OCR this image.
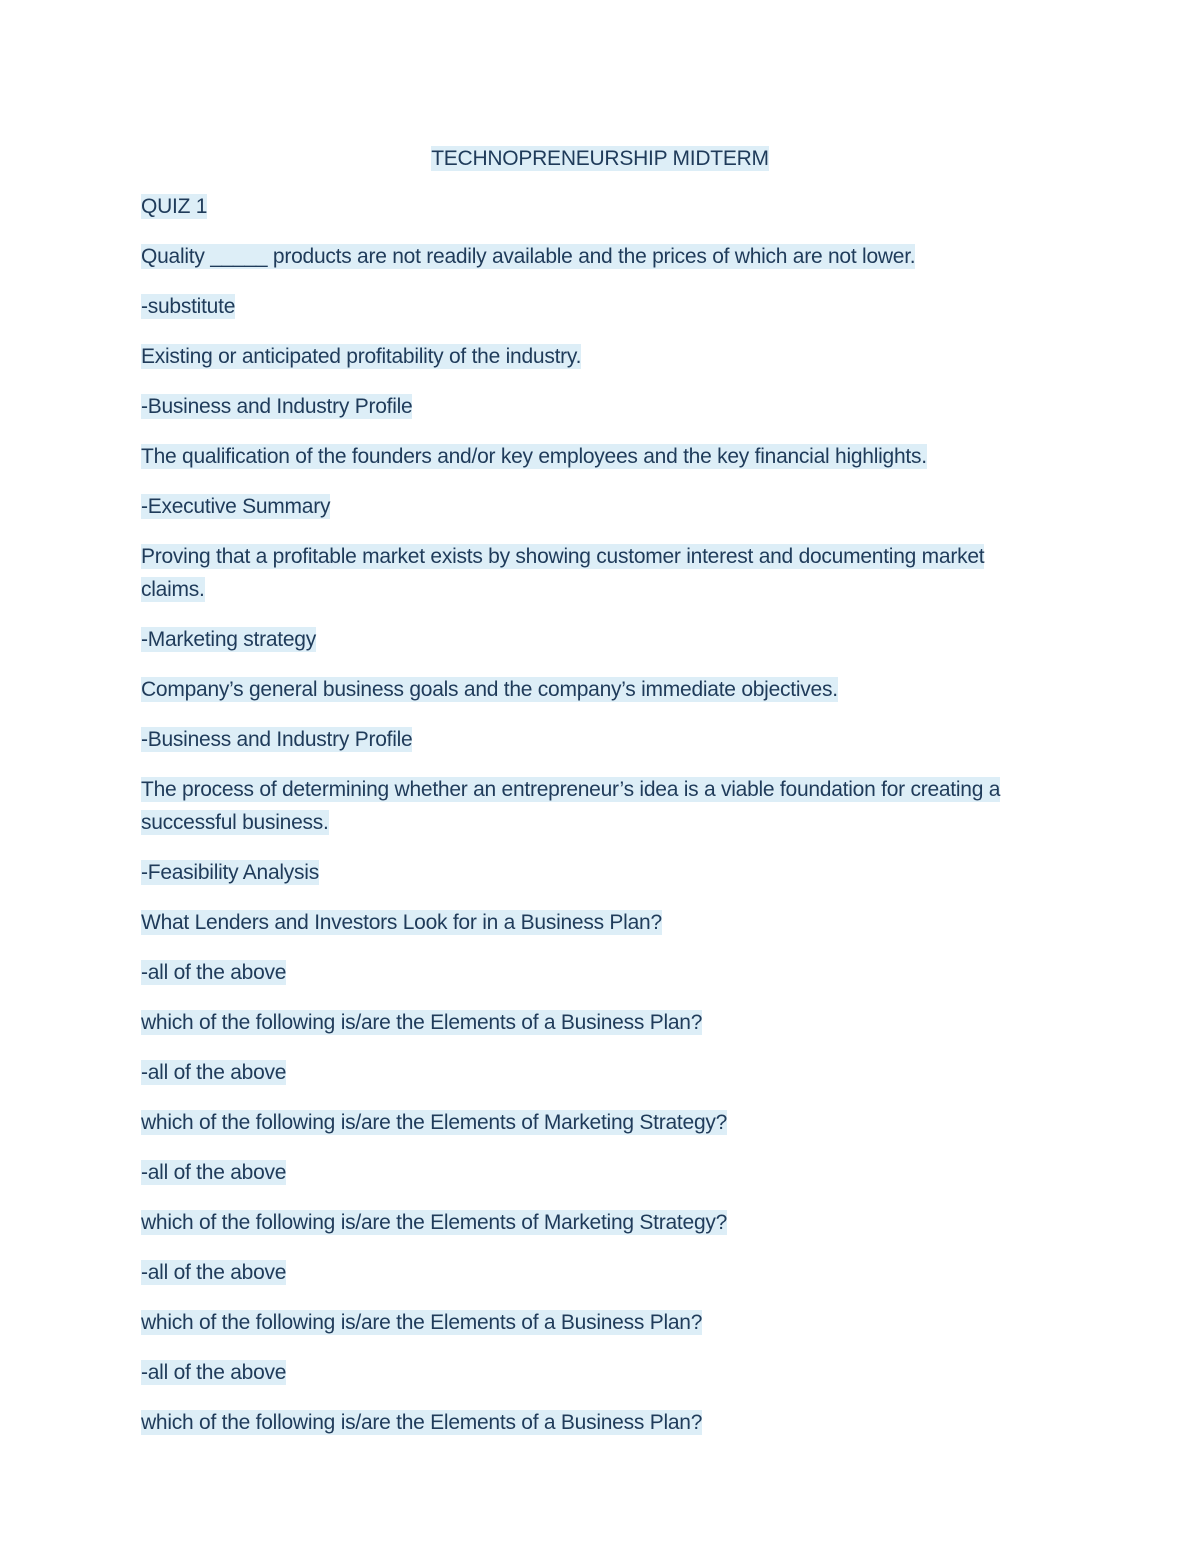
TECHNOPRENEURSHIP MIDTERM
QUIZ 1
Quality _____ products are not readily available and the prices of which are not lower.
-substitute
Existing or anticipated profitability of the industry.
-Business and Industry Profile
The qualification of the founders and/or key employees and the key financial highlights.
-Executive Summary
Proving that a profitable market exists by showing customer interest and documenting market claims.
-Marketing strategy
Company’s general business goals and the company’s immediate objectives.
-Business and Industry Profile
The process of determining whether an entrepreneur’s idea is a viable foundation for creating a successful business.
-Feasibility Analysis
What Lenders and Investors Look for in a Business Plan?
-all of the above
which of the following is/are the Elements of a Business Plan?
-all of the above
which of the following is/are the Elements of Marketing Strategy?
-all of the above
which of the following is/are the Elements of Marketing Strategy?
-all of the above
which of the following is/are the Elements of a Business Plan?
-all of the above
which of the following is/are the Elements of a Business Plan?
